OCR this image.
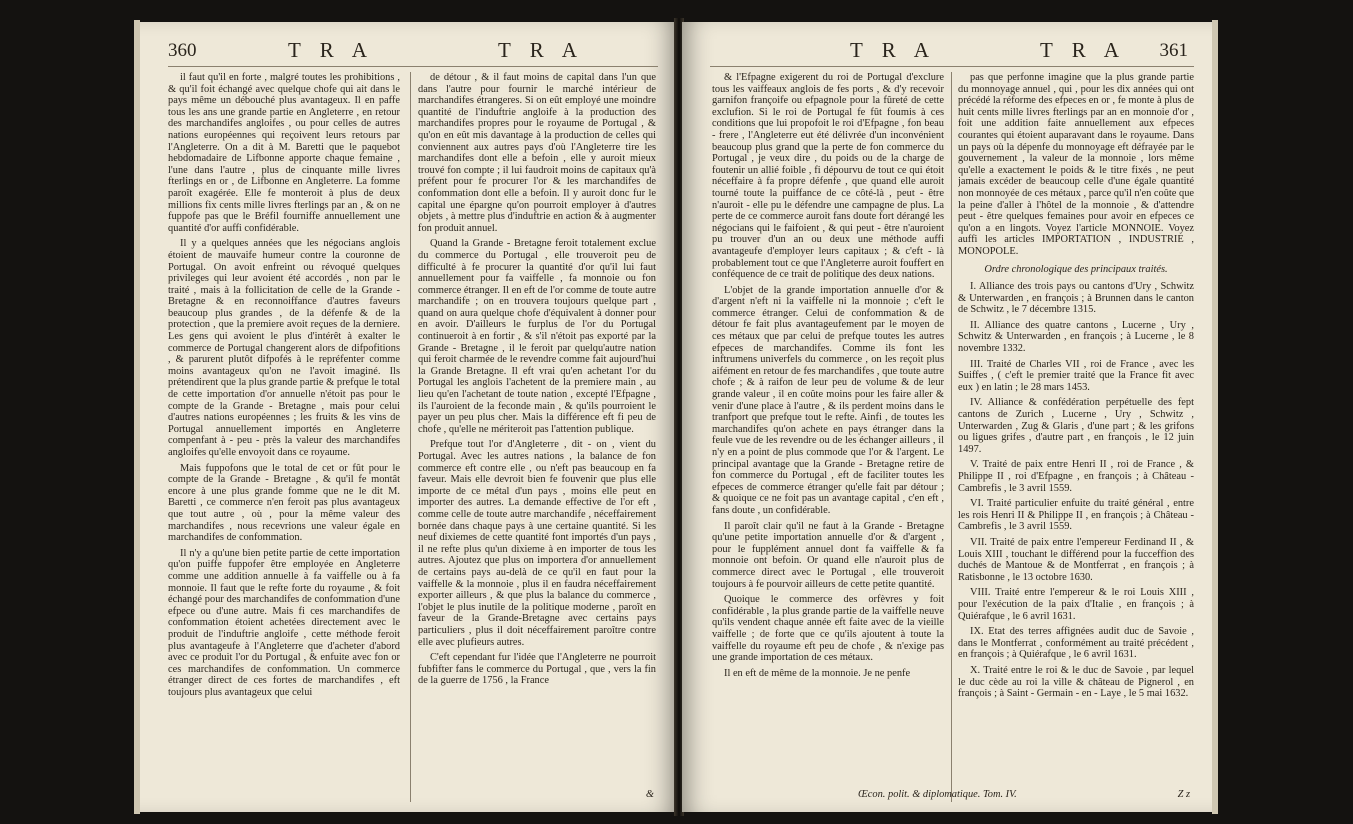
360	T R A	T R A

il faut qu'il en forte , malgré toutes les prohibitions , & qu'il foit échangé avec quelque chofe qui ait dans le pays même un débouché plus avantageux. Il en paffe tous les ans une grande partie en Angleterre , en retour des marchandifes angloifes , ou pour celles de autres nations européennes qui reçoivent leurs retours par l'Angleterre. On a dit à M. Baretti que le paquebot hebdomadaire de Lifbonne apporte chaque femaine , l'une dans l'autre , plus de cinquante mille livres fterlings en or , de Lifbonne en Angleterre. La fomme paroît exagérée. Elle fe monteroit à plus de deux millions fix cents mille livres fterlings par an , & on ne fuppofe pas que le Bréfil fourniffe annuellement une quantité d'or auffi confidérable.

Il y a quelques années que les négocians anglois étoient de mauvaife humeur contre la couronne de Portugal. On avoit enfreint ou révoqué quelques privileges qui leur avoient été accordés , non par le traité , mais à la follicitation de celle de la Grande - Bretagne & en reconnoiffance d'autres faveurs beaucoup plus grandes , de la défenfe & de la protection , que la premiere avoit reçues de la derniere. Les gens qui avoient le plus d'intérêt à exalter le commerce de Portugal changerent alors de difpofitions , & parurent plutôt difpofés à le repréfenter comme moins avantageux qu'on ne l'avoit imaginé. Ils prétendirent que la plus grande partie & prefque le total de cette importation d'or annuelle n'étoit pas pour le compte de la Grande - Bretagne , mais pour celui d'autres nations européennes ; les fruits & les vins de Portugal annuellement importés en Angleterre compenfant à - peu - près la valeur des marchandifes angloifes qu'elle envoyoit dans ce royaume.

Mais fuppofons que le total de cet or fût pour le compte de la Grande - Bretagne , & qu'il fe montât encore à une plus grande fomme que ne le dit M. Baretti , ce commerce n'en feroit pas plus avantageux que tout autre , où , pour la même valeur des marchandifes , nous recevrions une valeur égale en marchandifes de confommation.

Il n'y a qu'une bien petite partie de cette importation qu'on puiffe fuppofer être employée en Angleterre comme une addition annuelle à fa vaiffelle ou à fa monnoie. Il faut que le refte forte du royaume , & foit échangé pour des marchandifes de confommation d'une efpece ou d'une autre. Mais fi ces marchandifes de confommation étoient achetées directement avec le produit de l'induftrie angloife , cette méthode feroit plus avantageufe à l'Angleterre que d'acheter d'abord avec ce produit l'or du Portugal , & enfuite avec fon or ces marchandifes de confommation. Un commerce étranger direct de ces fortes de marchandifes , eft toujours plus avantageux que celui

de détour , & il faut moins de capital dans l'un que dans l'autre pour fournir le marché intérieur de marchandifes étrangeres. Si on eût employé une moindre quantité de l'induftrie angloife à la production des marchandifes propres pour le royaume de Portugal , & qu'on en eût mis davantage à la production de celles qui conviennent aux autres pays d'où l'Angleterre tire les marchandifes dont elle a befoin , elle y auroit mieux trouvé fon compte ; il lui faudroit moins de capitaux qu'à préfent pour fe procurer l'or & les marchandifes de confommation dont elle a befoin. Il y auroit donc fur le capital une épargne qu'on pourroit employer à d'autres objets , à mettre plus d'induftrie en action & à augmenter fon produit annuel.

Quand la Grande - Bretagne feroit totalement exclue du commerce du Portugal , elle trouveroit peu de difficulté à fe procurer la quantité d'or qu'il lui faut annuellement pour fa vaiffelle , fa monnoie ou fon commerce étranger. Il en eft de l'or comme de toute autre marchandife ; on en trouvera toujours quelque part , quand on aura quelque chofe d'équivalent à donner pour en avoir. D'ailleurs le furplus de l'or du Portugal continueroit à en fortir , & s'il n'étoit pas exporté par la Grande - Bretagne , il le feroit par quelqu'autre nation qui feroit charmée de le revendre comme fait aujourd'hui la Grande Bretagne. Il eft vrai qu'en achetant l'or du Portugal les anglois l'achetent de la premiere main , au lieu qu'en l'achetant de toute nation , excepté l'Efpagne , ils l'auroient de la feconde main , & qu'ils pourroient le payer un peu plus cher. Mais la différence eft fi peu de chofe , qu'elle ne mériteroit pas l'attention publique.

Prefque tout l'or d'Angleterre , dit - on , vient du Portugal. Avec les autres nations , la balance de fon commerce eft contre elle , ou n'eft pas beaucoup en fa faveur. Mais elle devroit bien fe fouvenir que plus elle importe de ce métal d'un pays , moins elle peut en importer des autres. La demande effective de l'or eft , comme celle de toute autre marchandife , néceffairement bornée dans chaque pays à une certaine quantité. Si les neuf dixiemes de cette quantité font importés d'un pays , il ne refte plus qu'un dixieme à en importer de tous les autres. Ajoutez que plus on importera d'or annuellement de certains pays au-delà de ce qu'il en faut pour la vaiffelle & la monnoie , plus il en faudra néceffairement exporter ailleurs , & que plus la balance du commerce , l'objet le plus inutile de la politique moderne , paroît en faveur de la Grande-Bretagne avec certains pays particuliers , plus il doit néceffairement paroître contre elle avec plufieurs autres.

C'eft cependant fur l'idée que l'Angleterre ne pourroit fubfifter fans le commerce du Portugal , que , vers la fin de la guerre de 1756 , la France

&
T R A	T R A 361

& l'Efpagne exigerent du roi de Portugal d'exclure tous les vaiffeaux anglois de fes ports , & d'y recevoir garnifon françoife ou efpagnole pour la fûreté de cette exclufion. Si le roi de Portugal fe fût foumis à ces conditions que lui propofoit le roi d'Efpagne , fon beau - frere , l'Angleterre eut été délivrée d'un inconvénient beaucoup plus grand que la perte de fon commerce du Portugal , je veux dire , du poids ou de la charge de foutenir un allié foible , fi dépourvu de tout ce qui étoit néceffaire à fa propre défenfe , que quand elle auroit tourné toute la puiffance de ce côté-là , peut - être n'auroit - elle pu le défendre une campagne de plus. La perte de ce commerce auroit fans doute fort dérangé les négocians qui le faifoient , & qui peut - être n'auroient pu trouver d'un an ou deux une méthode auffi avantageufe d'employer leurs capitaux ; & c'eft - là probablement tout ce que l'Angleterre auroit fouffert en conféquence de ce trait de politique des deux nations.

L'objet de la grande importation annuelle d'or & d'argent n'eft ni la vaiffelle ni la monnoie ; c'eft le commerce étranger. Celui de confommation & de détour fe fait plus avantageufement par le moyen de ces métaux que par celui de prefque toutes les autres efpeces de marchandifes. Comme ils font les inftrumens univerfels du commerce , on les reçoit plus aifément en retour de fes marchandifes , que toute autre chofe ; & à raifon de leur peu de volume & de leur grande valeur , il en coûte moins pour les faire aller & venir d'une place à l'autre , & ils perdent moins dans le tranfport que prefque tout le refte. Ainfi , de toutes les marchandifes qu'on achete en pays étranger dans la feule vue de les revendre ou de les échanger ailleurs , il n'y en a point de plus commode que l'or & l'argent. Le principal avantage que la Grande - Bretagne retire de fon commerce du Portugal , eft de faciliter toutes les efpeces de commerce étranger qu'elle fait par détour ; & quoique ce ne foit pas un avantage capital , c'en eft , fans doute , un confidérable.

Il paroît clair qu'il ne faut à la Grande - Bretagne qu'une petite importation annuelle d'or & d'argent , pour le fupplément annuel dont fa vaiffelle & fa monnoie ont befoin. Or quand elle n'auroit plus de commerce direct avec le Portugal , elle trouveroit toujours à fe pourvoir ailleurs de cette petite quantité.

Quoique le commerce des orfèvres y foit confidérable , la plus grande partie de la vaiffelle neuve qu'ils vendent chaque année eft faite avec de la vieille vaiffelle ; de forte que ce qu'ils ajoutent à toute la vaiffelle du royaume eft peu de chofe , & n'exige pas une grande importation de ces métaux.

Il en eft de même de la monnoie. Je ne penfe

pas que perfonne imagine que la plus grande partie du monnoyage annuel , qui , pour les dix années qui ont précédé la réforme des efpeces en or , fe monte à plus de huit cents mille livres fterlings par an en monnoie d'or , foit une addition faite annuellement aux efpeces courantes qui étoient auparavant dans le royaume. Dans un pays où la dépenfe du monnoyage eft défrayée par le gouvernement , la valeur de la monnoie , lors même qu'elle a exactement le poids & le titre fixés , ne peut jamais excéder de beaucoup celle d'une égale quantité non monnoyée de ces métaux , parce qu'il n'en coûte que la peine d'aller à l'hôtel de la monnoie , & d'attendre peut - être quelques femaines pour avoir en efpeces ce qu'on a en lingots. Voyez l'article MONNOIE. Voyez auffi les articles IMPORTATION , INDUSTRIE , MONOPOLE.

Ordre chronologique des principaux traités.

I. Alliance des trois pays ou cantons d'Ury , Schwitz & Unterwarden , en françois ; à Brunnen dans le canton de Schwitz , le 7 décembre 1315.

II. Alliance des quatre cantons , Lucerne , Ury , Schwitz & Unterwarden , en françois ; à Lucerne , le 8 novembre 1332.

III. Traité de Charles VII , roi de France , avec les Suiffes , ( c'eft le premier traité que la France fit avec eux ) en latin ; le 28 mars 1453.

IV. Alliance & confédération perpétuelle des fept cantons de Zurich , Lucerne , Ury , Schwitz , Unterwarden , Zug & Glaris , d'une part ; & les grifons ou ligues grifes , d'autre part , en françois , le 12 juin 1497.

V. Traité de paix entre Henri II , roi de France , & Philippe II , roi d'Efpagne , en françois ; à Château - Cambrefis , le 3 avril 1559.

VI. Traité particulier enfuite du traité général , entre les rois Henri II & Philippe II , en françois ; à Château - Cambrefis , le 3 avril 1559.

VII. Traité de paix entre l'empereur Ferdinand II , & Louis XIII , touchant le différend pour la fucceffion des duchés de Mantoue & de Montferrat , en françois ; à Ratisbonne , le 13 octobre 1630.

VIII. Traité entre l'empereur & le roi Louis XIII , pour l'exécution de la paix d'Italie , en françois ; à Quiérafque , le 6 avril 1631.

IX. Etat des terres affignées audit duc de Savoie , dans le Montferrat , conformément au traité précédent , en françois ; à Quiérafque , le 6 avril 1631.

X. Traité entre le roi & le duc de Savoie , par lequel le duc cède au roi la ville & château de Pignerol , en françois ; à Saint - Germain - en - Laye , le 5 mai 1632.

Œcon. polit. & diplomatique. Tom. IV.	Z z
